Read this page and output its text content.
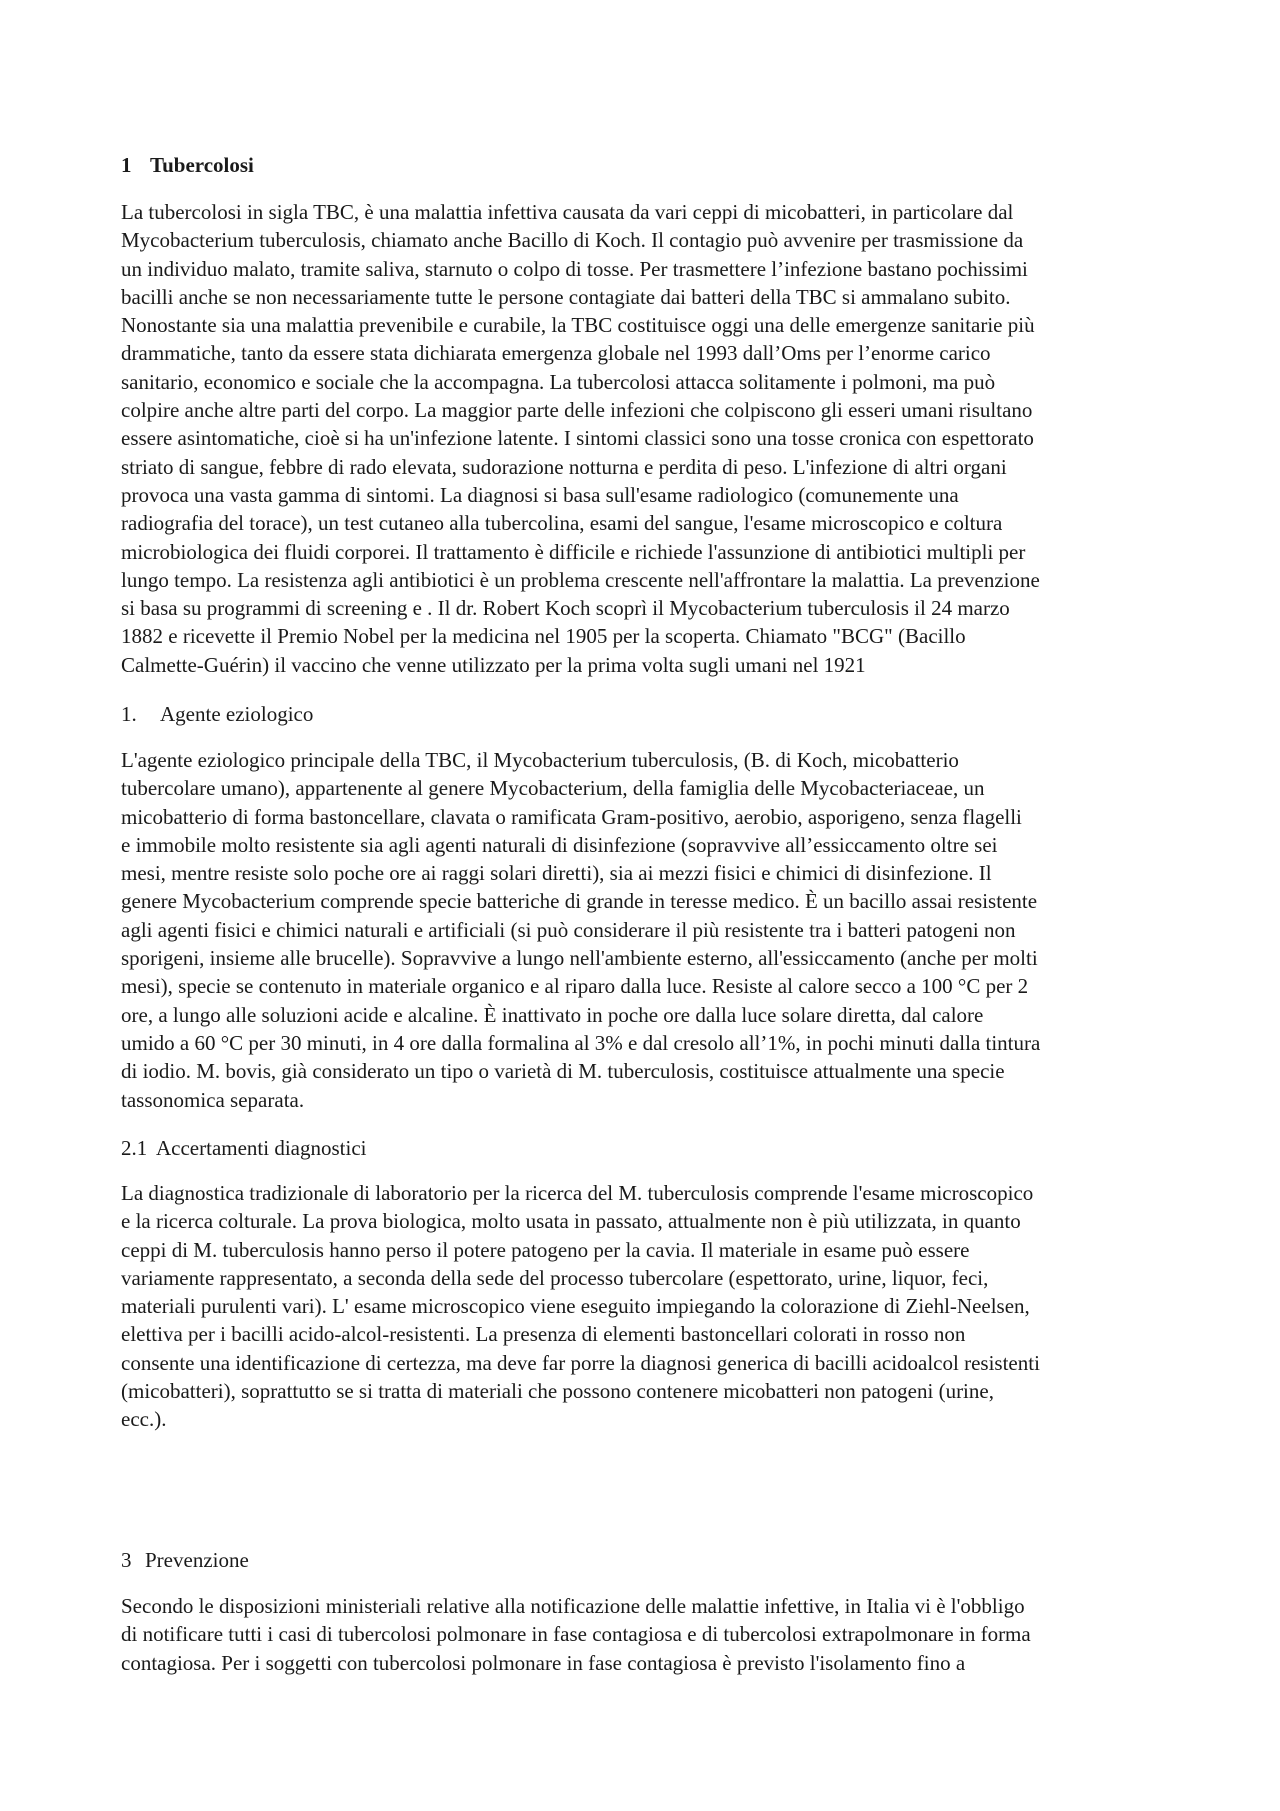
1 Tubercolosi
La tubercolosi in sigla TBC, è una malattia infettiva causata da vari ceppi di micobatteri, in particolare dal
Mycobacterium tuberculosis, chiamato anche Bacillo di Koch. Il contagio può avvenire per trasmissione da
un individuo malato, tramite saliva, starnuto o colpo di tosse. Per trasmettere l’infezione bastano pochissimi
bacilli anche se non necessariamente tutte le persone contagiate dai batteri della TBC si ammalano subito.
Nonostante sia una malattia prevenibile e curabile, la TBC costituisce oggi una delle emergenze sanitarie più
drammatiche, tanto da essere stata dichiarata emergenza globale nel 1993 dall’Oms per l’enorme carico
sanitario, economico e sociale che la accompagna. La tubercolosi attacca solitamente i polmoni, ma può
colpire anche altre parti del corpo. La maggior parte delle infezioni che colpiscono gli esseri umani risultano
essere asintomatiche, cioè si ha un'infezione latente. I sintomi classici sono una tosse cronica con espettorato
striato di sangue, febbre di rado elevata, sudorazione notturna e perdita di peso. L'infezione di altri organi
provoca una vasta gamma di sintomi. La diagnosi si basa sull'esame radiologico (comunemente una
radiografia del torace), un test cutaneo alla tubercolina, esami del sangue, l'esame microscopico e coltura
microbiologica dei fluidi corporei. Il trattamento è difficile e richiede l'assunzione di antibiotici multipli per
lungo tempo. La resistenza agli antibiotici è un problema crescente nell'affrontare la malattia. La prevenzione
si basa su programmi di screening e . Il dr. Robert Koch scoprì il Mycobacterium tuberculosis il 24 marzo
1882 e ricevette il Premio Nobel per la medicina nel 1905 per la scoperta. Chiamato "BCG" (Bacillo
Calmette-Guérin) il vaccino che venne utilizzato per la prima volta sugli umani nel 1921
1. Agente eziologico
L'agente eziologico principale della TBC, il Mycobacterium tuberculosis, (B. di Koch, micobatterio
tubercolare umano), appartenente al genere Mycobacterium, della famiglia delle Mycobacteriaceae, un
micobatterio di forma bastoncellare, clavata o ramificata Gram-positivo, aerobio, asporigeno, senza flagelli
e immobile molto resistente sia agli agenti naturali di disinfezione (sopravvive all’essiccamento oltre sei
mesi, mentre resiste solo poche ore ai raggi solari diretti), sia ai mezzi fisici e chimici di disinfezione. Il
genere Mycobacterium comprende specie batteriche di grande in teresse medico. È un bacillo assai resistente
agli agenti fisici e chimici naturali e artificiali (si può considerare il più resistente tra i batteri patogeni non
sporigeni, insieme alle brucelle). Sopravvive a lungo nell'ambiente esterno, all'essiccamento (anche per molti
mesi), specie se contenuto in materiale organico e al riparo dalla luce. Resiste al calore secco a 100 °C per 2
ore, a lungo alle soluzioni acide e alcaline. È inattivato in poche ore dalla luce solare diretta, dal calore
umido a 60 °C per 30 minuti, in 4 ore dalla formalina al 3% e dal cresolo all’1%, in pochi minuti dalla tintura
di iodio. M. bovis, già considerato un tipo o varietà di M. tuberculosis, costituisce attualmente una specie
tassonomica separata.
2.1 Accertamenti diagnostici
La diagnostica tradizionale di laboratorio per la ricerca del M. tuberculosis comprende l'esame microscopico
e la ricerca colturale. La prova biologica, molto usata in passato, attualmente non è più utilizzata, in quanto
ceppi di M. tuberculosis hanno perso il potere patogeno per la cavia. Il materiale in esame può essere
variamente rappresentato, a seconda della sede del processo tubercolare (espettorato, urine, liquor, feci,
materiali purulenti vari). L' esame microscopico viene eseguito impiegando la colorazione di Ziehl-Neelsen,
elettiva per i bacilli acido-alcol-resistenti. La presenza di elementi bastoncellari colorati in rosso non
consente una identificazione di certezza, ma deve far porre la diagnosi generica di bacilli acidoalcol resistenti
(micobatteri), soprattutto se si tratta di materiali che possono contenere micobatteri non patogeni (urine,
ecc.).
3 Prevenzione
Secondo le disposizioni ministeriali relative alla notificazione delle malattie infettive, in Italia vi è l'obbligo
di notificare tutti i casi di tubercolosi polmonare in fase contagiosa e di tubercolosi extrapolmonare in forma
contagiosa. Per i soggetti con tubercolosi polmonare in fase contagiosa è previsto l'isolamento fino a
